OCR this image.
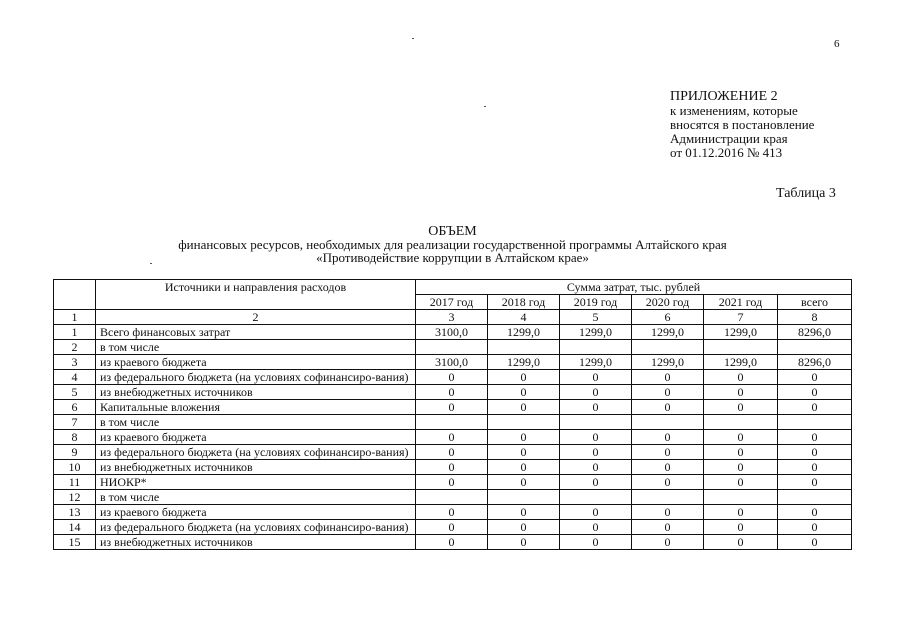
6
ПРИЛОЖЕНИЕ 2
к изменениям, которые
вносятся в постановление
Администрации края
от 01.12.2016 № 413
Таблица 3
ОБЪЕМ
финансовых ресурсов, необходимых для реализации государственной программы Алтайского края
«Противодействие коррупции в Алтайском крае»
	Источники и направления расходов	Сумма затрат, тыс. рублей					
		2017 год	2018 год	2019 год	2020 год	2021 год	всего
1	2	3	4	5	6	7	8
1	Всего финансовых затрат	3100,0	1299,0	1299,0	1299,0	1299,0	8296,0
2	в том числе						
3	из краевого бюджета	3100,0	1299,0	1299,0	1299,0	1299,0	8296,0
4	из федерального бюджета (на условиях софинансиро-вания)	0	0	0	0	0	0
5	из внебюджетных источников	0	0	0	0	0	0
6	Капитальные вложения	0	0	0	0	0	0
7	в том числе						
8	из краевого бюджета	0	0	0	0	0	0
9	из федерального бюджета (на условиях софинансиро-вания)	0	0	0	0	0	0
10	из внебюджетных источников	0	0	0	0	0	0
11	НИОКР*	0	0	0	0	0	0
12	в том числе						
13	из краевого бюджета	0	0	0	0	0	0
14	из федерального бюджета (на условиях софинансиро-вания)	0	0	0	0	0	0
15	из внебюджетных источников	0	0	0	0	0	0
